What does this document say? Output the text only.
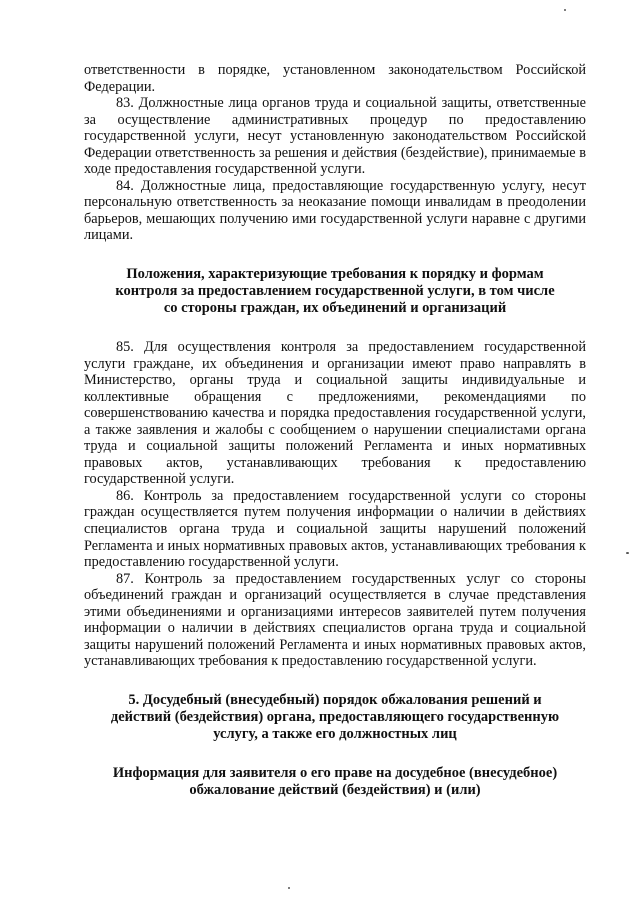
ответственности в порядке, установленном законодательством Российской Федерации.

83. Должностные лица органов труда и социальной защиты, ответственные за осуществление административных процедур по предоставлению государственной услуги, несут установленную законодательством Российской Федерации ответственность за решения и действия (бездействие), принимаемые в ходе предоставления государственной услуги.

84. Должностные лица, предоставляющие государственную услугу, несут персональную ответственность за неоказание помощи инвалидам в преодолении барьеров, мешающих получению ими государственной услуги наравне с другими лицами.

Положения, характеризующие требования к порядку и формам контроля за предоставлением государственной услуги, в том числе со стороны граждан, их объединений и организаций

85. Для осуществления контроля за предоставлением государственной услуги граждане, их объединения и организации имеют право направлять в Министерство, органы труда и социальной защиты индивидуальные и коллективные обращения с предложениями, рекомендациями по совершенствованию качества и порядка предоставления государственной услуги, а также заявления и жалобы с сообщением о нарушении специалистами органа труда и социальной защиты положений Регламента и иных нормативных правовых актов, устанавливающих требования к предоставлению государственной услуги.

86. Контроль за предоставлением государственной услуги со стороны граждан осуществляется путем получения информации о наличии в действиях специалистов органа труда и социальной защиты нарушений положений Регламента и иных нормативных правовых актов, устанавливающих требования к предоставлению государственной услуги.

87. Контроль за предоставлением государственных услуг со стороны объединений граждан и организаций осуществляется в случае представления этими объединениями и организациями интересов заявителей путем получения информации о наличии в действиях специалистов органа труда и социальной защиты нарушений положений Регламента и иных нормативных правовых актов, устанавливающих требования к предоставлению государственной услуги.

5. Досудебный (внесудебный) порядок обжалования решений и действий (бездействия) органа, предоставляющего государственную услугу, а также его должностных лиц

Информация для заявителя о его праве на досудебное (внесудебное) обжалование действий (бездействия) и (или)
